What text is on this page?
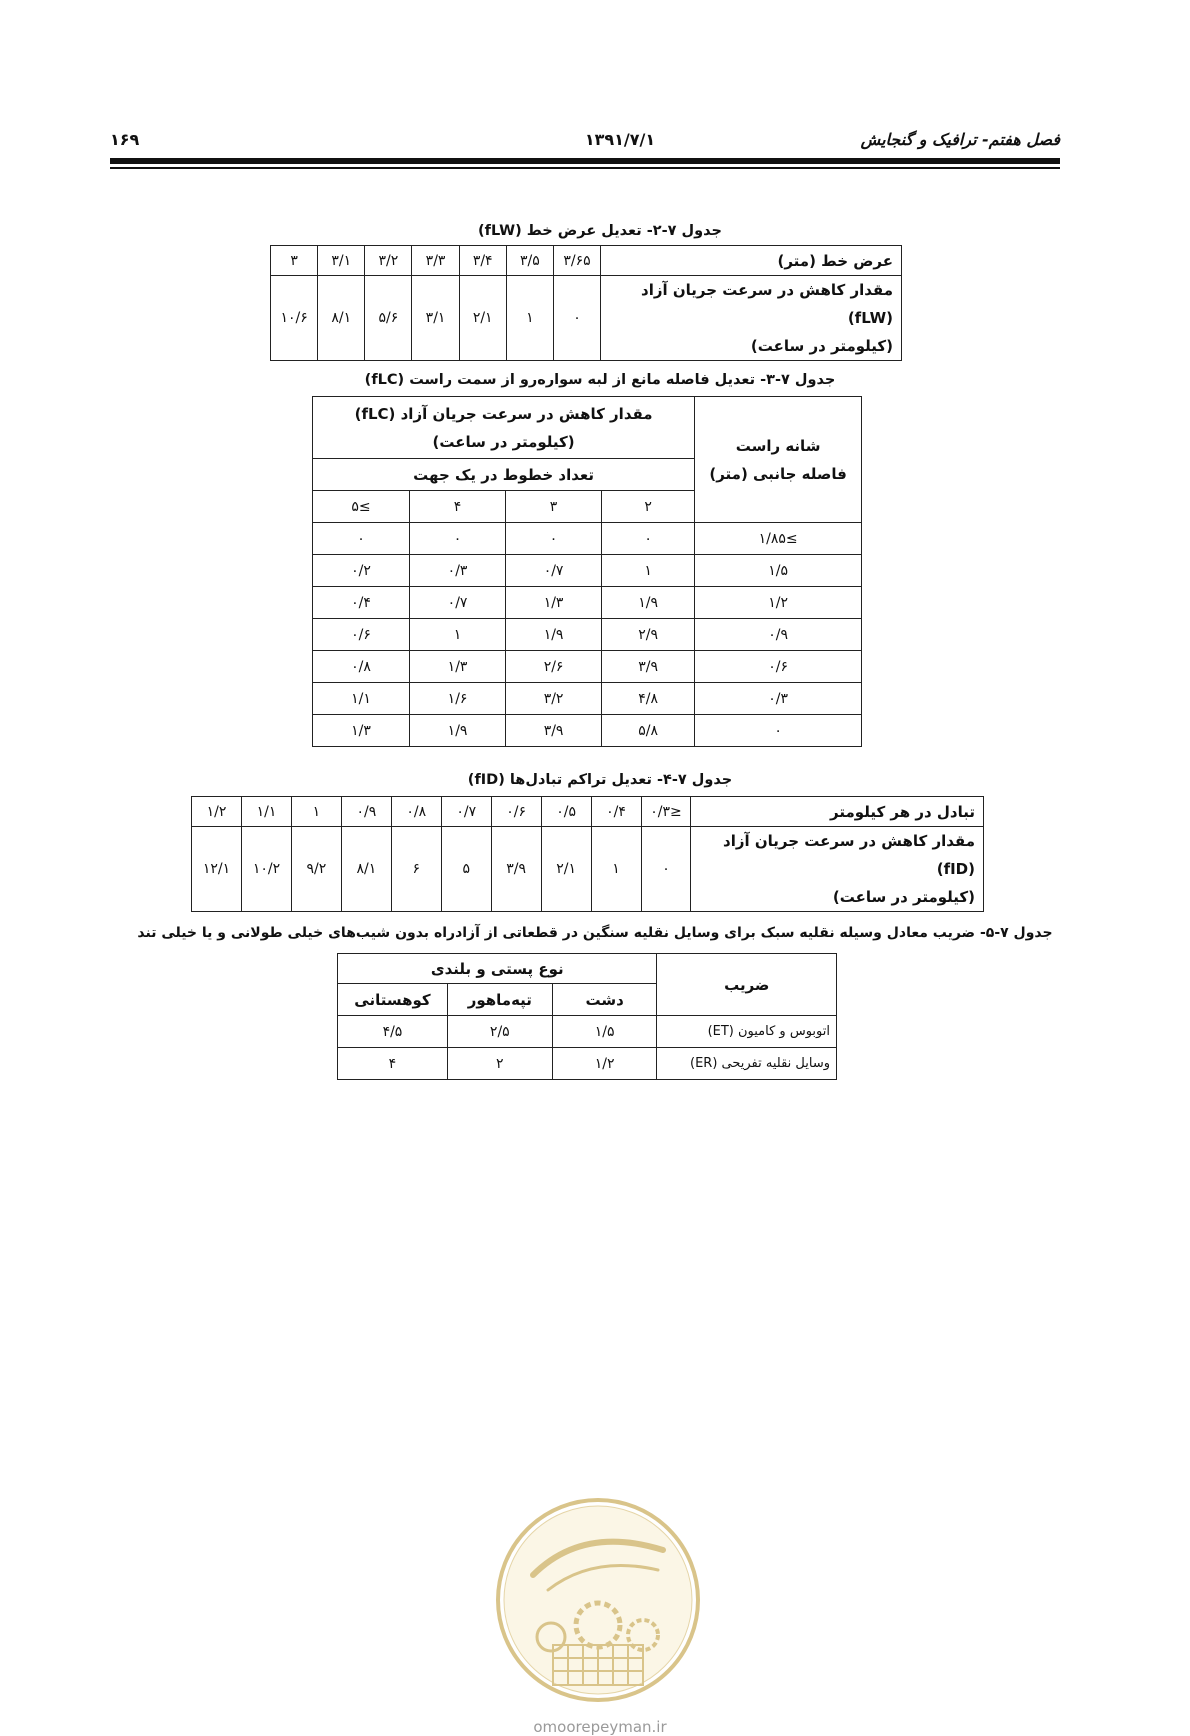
۱۶۹	۱۳۹۱/۷/۱	فصل هفتم- ترافیک و گنجایش
جدول ۷-۲- تعدیل عرض خط (fLW)
عرض خط (متر)	۳/۶۵	۳/۵	۳/۴	۳/۳	۳/۲	۳/۱	۳

مقدار کاهش در سرعت جریان آزاد (fLW)
(کیلومتر در ساعت)	۰	۱	۲/۱	۳/۱	۵/۶	۸/۱	۱۰/۶
جدول ۷-۳- تعدیل فاصله مانع از لبه سواره‌رو از سمت راست (fLC)
شانه راست
فاصله جانبی (متر)	مقدار کاهش در سرعت جریان آزاد (fLC)
(کیلومتر در ساعت)			

	تعداد خطوط در یک جهت			
	۲	۳	۴	≥۵
≥۱/۸۵	۰	۰	۰	۰
۱/۵	۱	۰/۷	۰/۳	۰/۲
۱/۲	۱/۹	۱/۳	۰/۷	۰/۴
۰/۹	۲/۹	۱/۹	۱	۰/۶
۰/۶	۳/۹	۲/۶	۱/۳	۰/۸
۰/۳	۴/۸	۳/۲	۱/۶	۱/۱
۰	۵/۸	۳/۹	۱/۹	۱/۳
جدول ۷-۴- تعدیل تراکم تبادل‌ها (fID)
تبادل در هر کیلومتر	≤۰/۳	۰/۴	۰/۵	۰/۶	۰/۷	۰/۸	۰/۹	۱	۱/۱	۱/۲

مقدار کاهش در سرعت جریان آزاد (fID)
(کیلومتر در ساعت)	۰	۱	۲/۱	۳/۹	۵	۶	۸/۱	۹/۲	۱۰/۲	۱۲/۱
جدول ۷-۵- ضریب معادل وسیله نقلیه سبک برای وسایل نقلیه سنگین در قطعاتی از آزادراه بدون شیب‌های خیلی طولانی و یا خیلی تند
ضریب	نوع پستی و بلندی		
	دشت	تپه‌ماهور	کوهستانی
اتوبوس و کامیون (ET)	۱/۵	۲/۵	۴/۵
وسایل نقلیه تفریحی (ER)	۱/۲	۲	۴
omoorepeyman.ir
